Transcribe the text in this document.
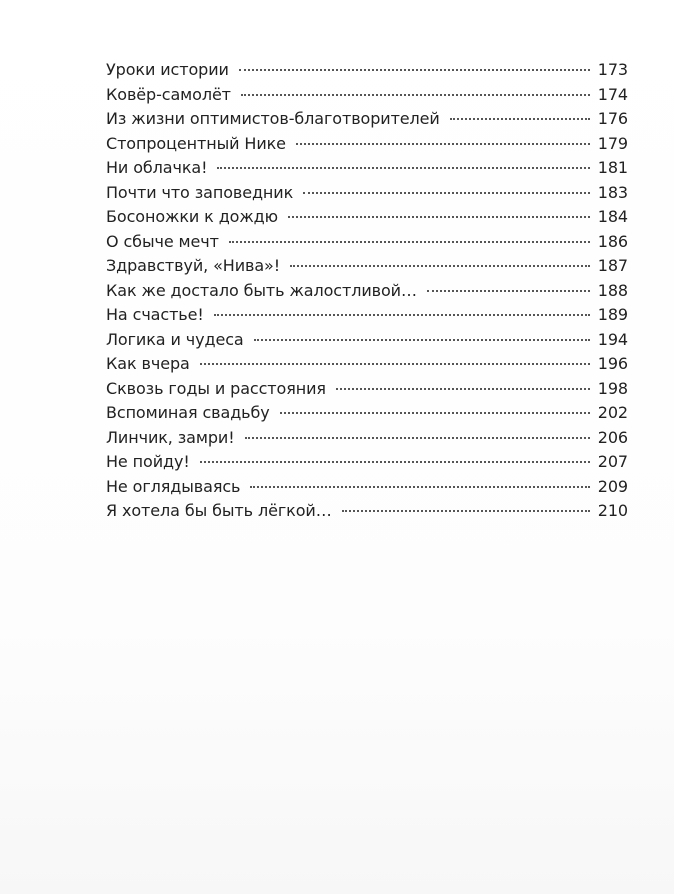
Уроки истории	173
Ковёр-самолёт	174
Из жизни оптимистов-благотворителей	176
Стопроцентный Нике	179
Ни облачка!	181
Почти что заповедник	183
Босоножки к дождю	184
О сбыче мечт	186
Здравствуй, «Нива»!	187
Как же достало быть жалостливой…	188
На счастье!	189
Логика и чудеса	194
Как вчера	196
Сквозь годы и расстояния	198
Вспоминая свадьбу	202
Линчик, замри!	206
Не пойду!	207
Не оглядываясь	209
Я хотела бы быть лёгкой…	210
